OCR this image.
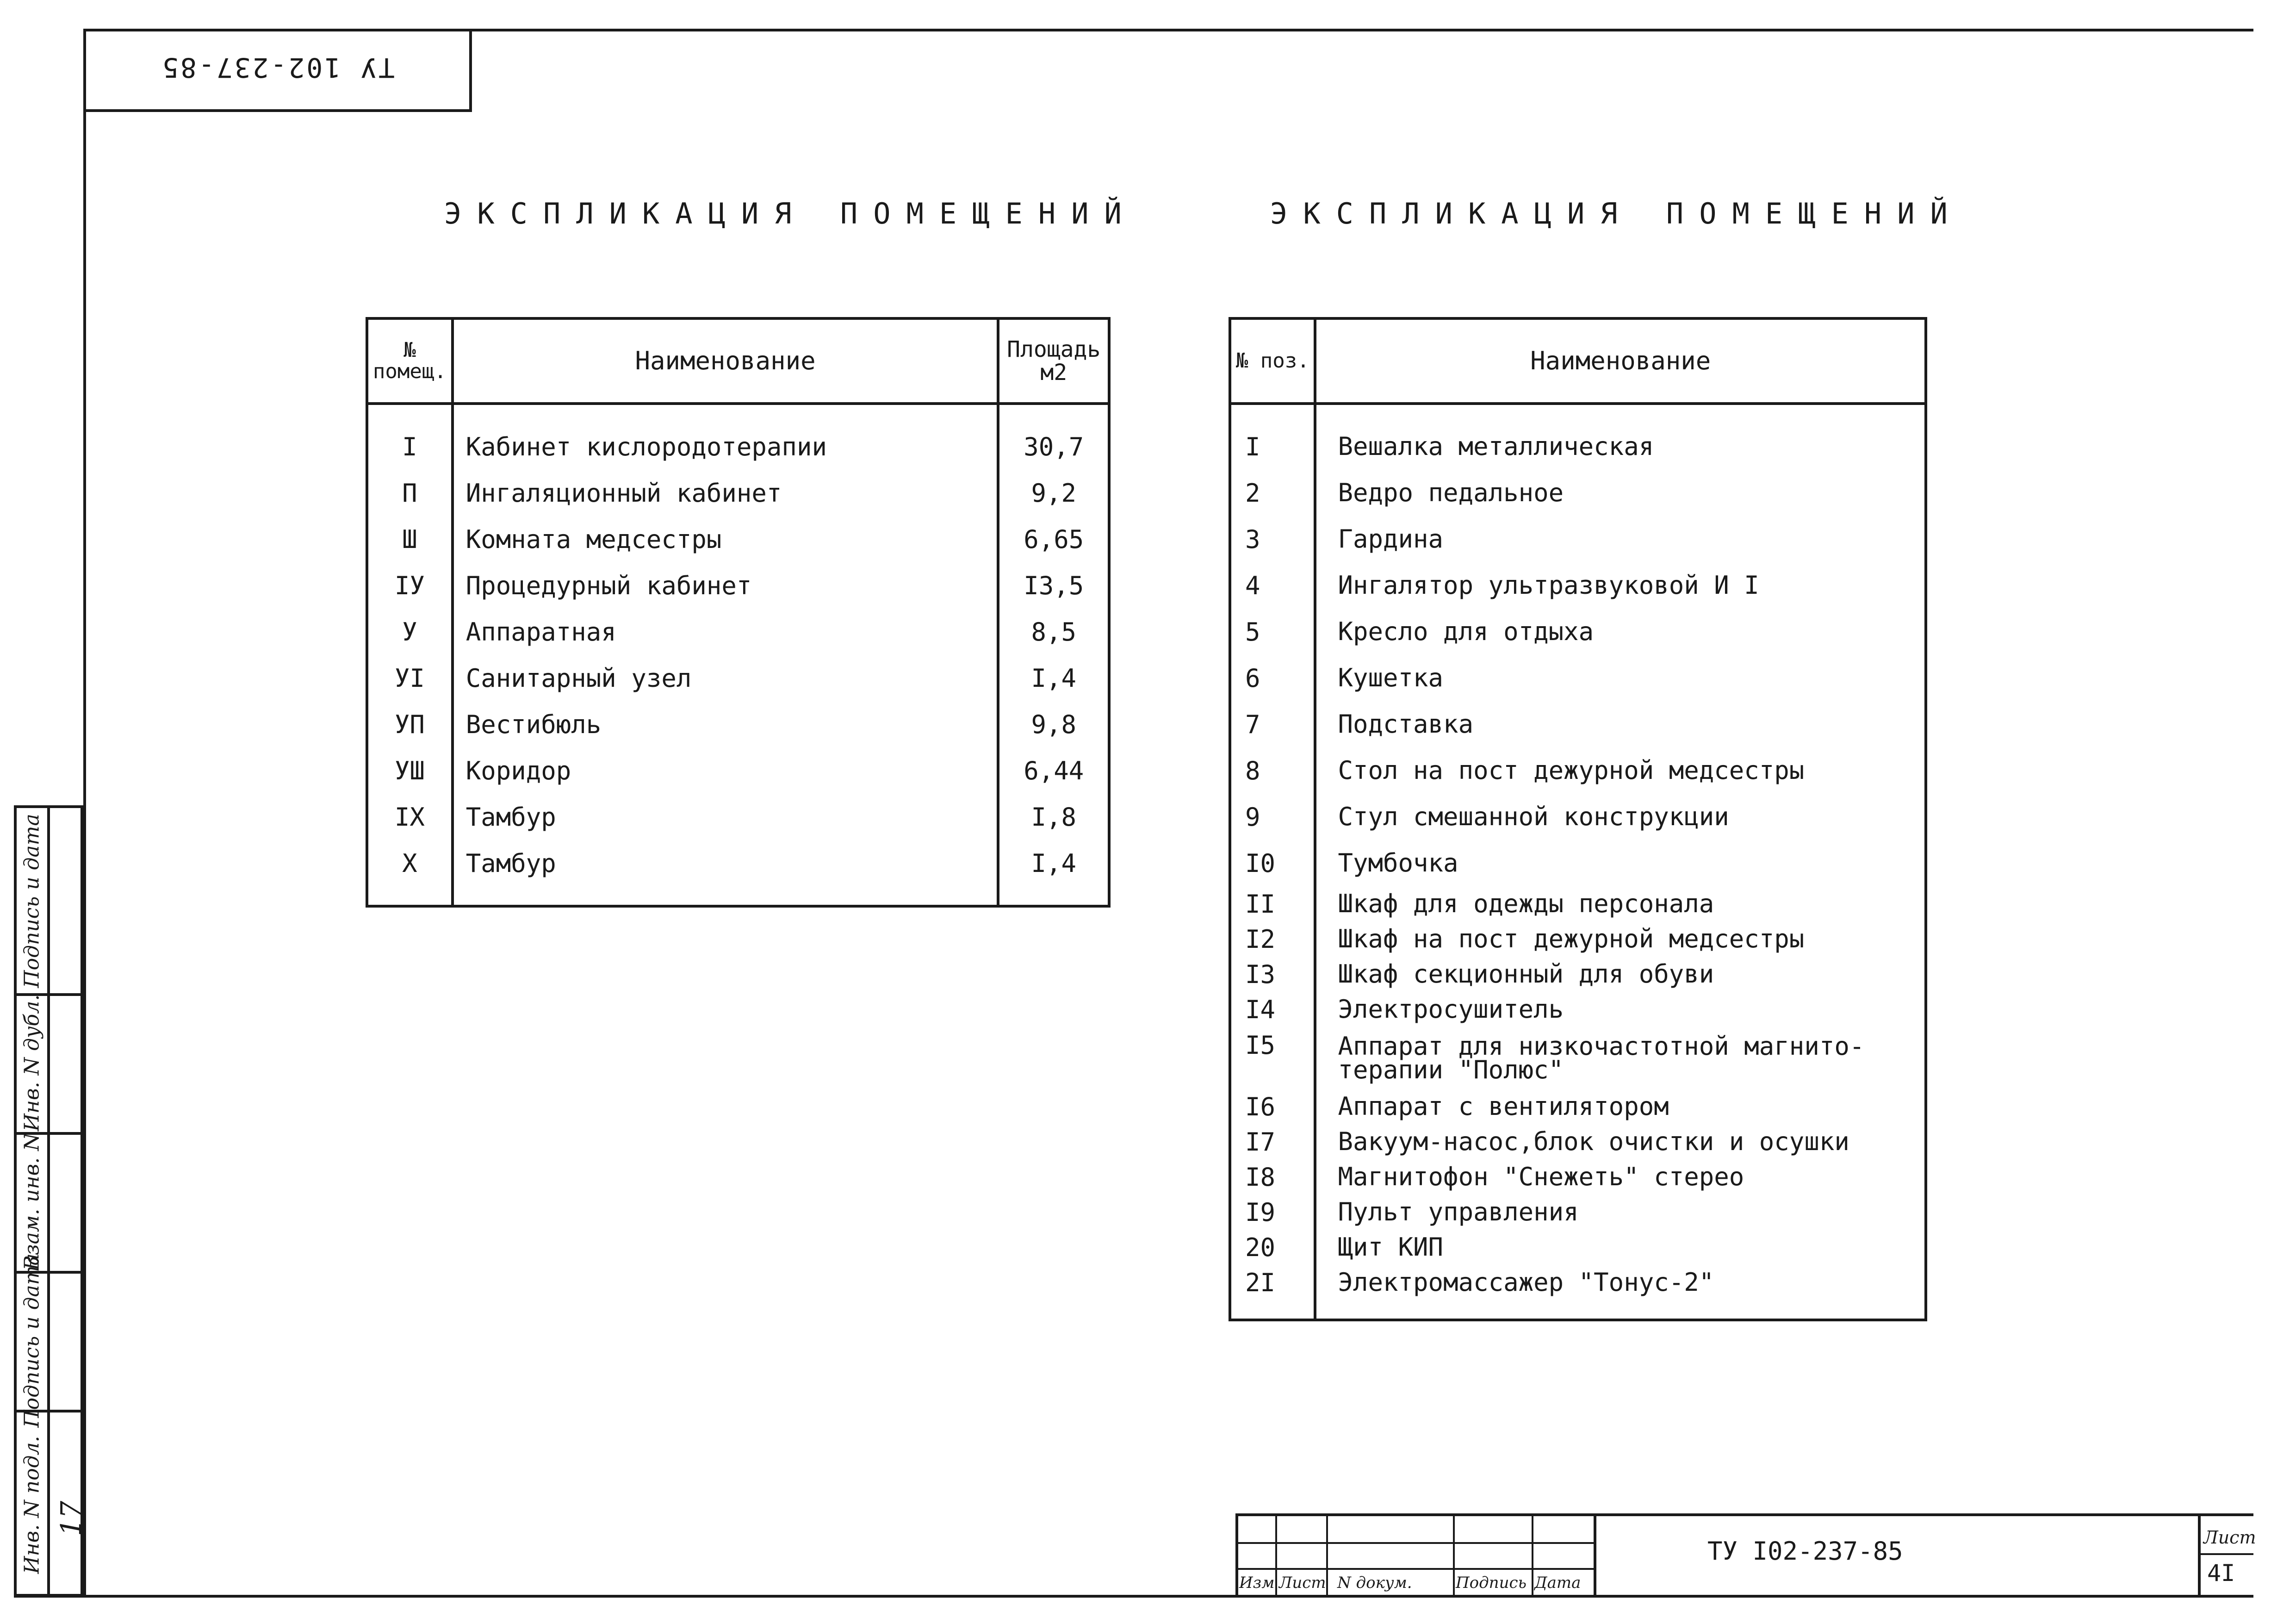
ТУ 102-237-85
ЭКСПЛИКАЦИЯ ПОМЕЩЕНИЙ	ЭКСПЛИКАЦИЯ ПОМЕЩЕНИЙ
№ помещ.	Наименование	Площадь м2
I	Кабинет кислородотерапии	30,7
П	Ингаляционный кабинет	9,2
Ш	Комната медсестры	6,65
IУ	Процедурный кабинет	I3,5
У	Аппаратная	8,5
УI	Санитарный узел	I,4
УП	Вестибюль	9,8
УШ	Коридор	6,44
IX	Тамбур	I,8
X	Тамбур	I,4
№ поз.	Наименование
I	Вешалка металлическая
2	Ведро педальное
3	Гардина
4	Ингалятор ультразвуковой И I
5	Кресло для отдыха
6	Кушетка
7	Подставка
8	Стол на пост дежурной медсестры
9	Стул смешанной конструкции
I0	Тумбочка
II	Шкаф для одежды персонала
I2	Шкаф на пост дежурной медсестры
I3	Шкаф секционный для обуви
I4	Электросушитель
I5	Аппарат для низкочастотной магнито- терапии "Полюс"
I6	Аппарат с вентилятором
I7	Вакуум-насос,блок очистки и осушки
I8	Магнитофон "Снежеть" стерео
I9	Пульт управления
20	Щит КИП
2I	Электромассажер "Тонус-2"
Подпись и дата
Инв. N дубл.
Взам. инв. N
Подпись и дата
Инв. N подл. 17
Изм Лист N докум.	Подпись Дата
ТУ I02-237-85	Лист
4I
